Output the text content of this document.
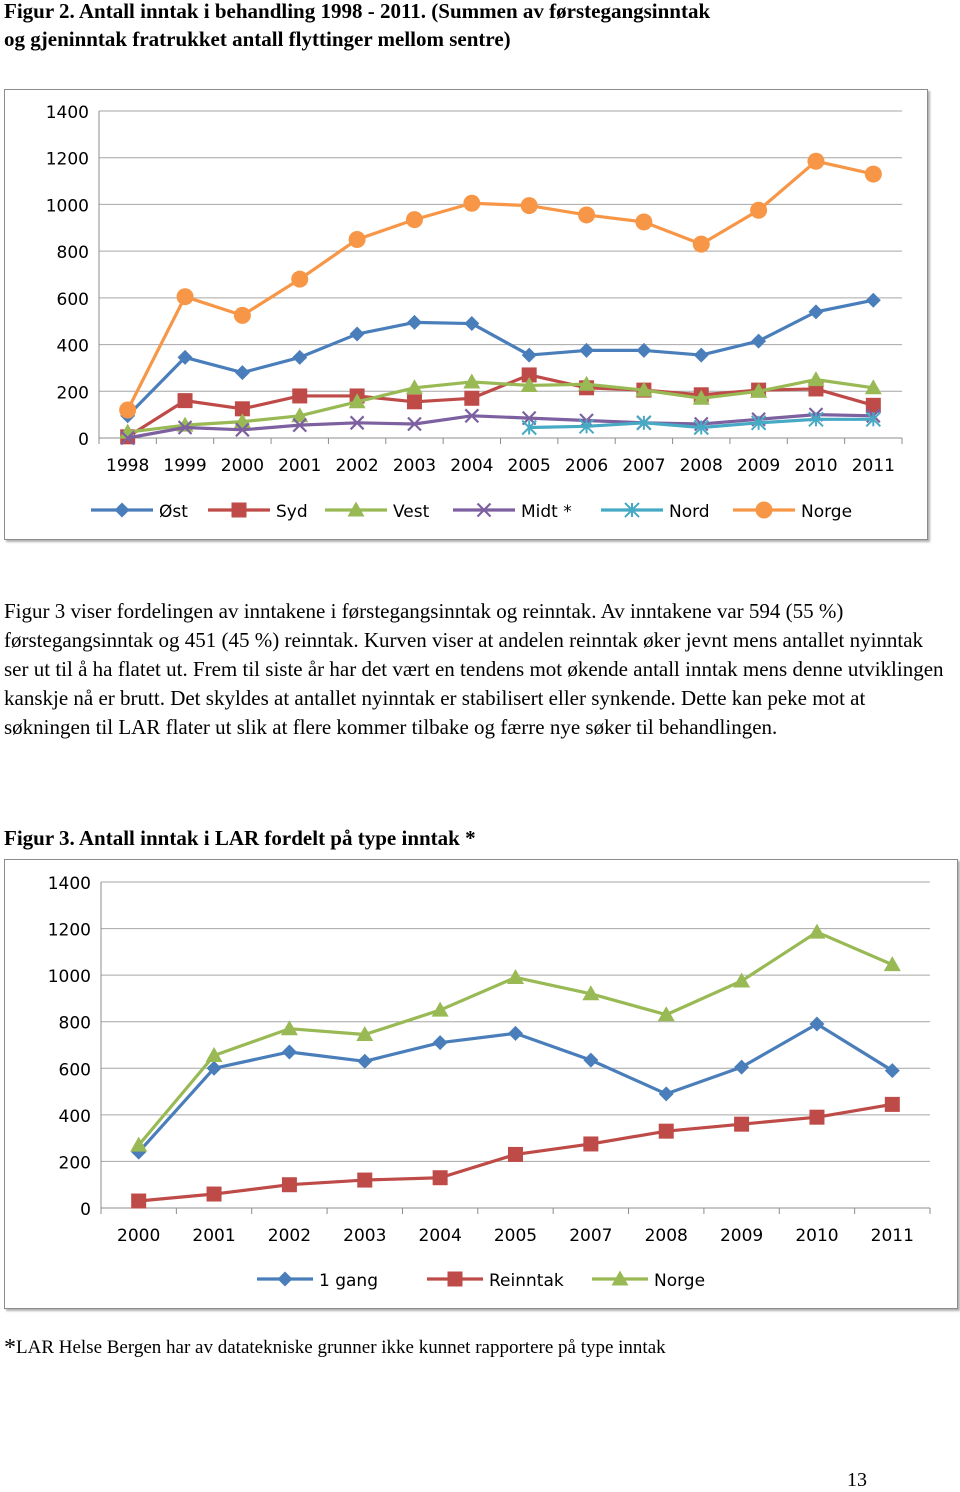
Figur 2. Antall inntak i behandling 1998 - 2011. (Summen av førstegangsinntak
og gjeninntak fratrukket antall flyttinger mellom sentre)
0
200
400
600
800
1000
1200
1400
1998 1999 2000 2001 2002 2003 2004 2005 2006 2007 2008 2009 2010 2011
Øst	Syd	Vest	Midt *	Nord	Norge
Figur 3 viser fordelingen av inntakene i førstegangsinntak og reinntak. Av inntakene var 594 (55 %) førstegangsinntak og 451 (45 %) reinntak. Kurven viser at andelen reinntak øker jevnt mens antallet nyinntak ser ut til å ha flatet ut. Frem til siste år har det vært en tendens mot økende antall inntak mens denne utviklingen kanskje nå er brutt. Det skyldes at antallet nyinntak er stabilisert eller synkende. Dette kan peke mot at søkningen til LAR flater ut slik at flere kommer tilbake og færre nye søker til behandlingen.
Figur 3. Antall inntak i LAR fordelt på type inntak *
0
200
400
600
800
1000
1200
1400
2000 2001 2002 2003 2004 2005 2007 2008 2009 2010 2011
1 gang	Reinntak	Norge
*LAR Helse Bergen har av datatekniske grunner ikke kunnet rapportere på type inntak
13
